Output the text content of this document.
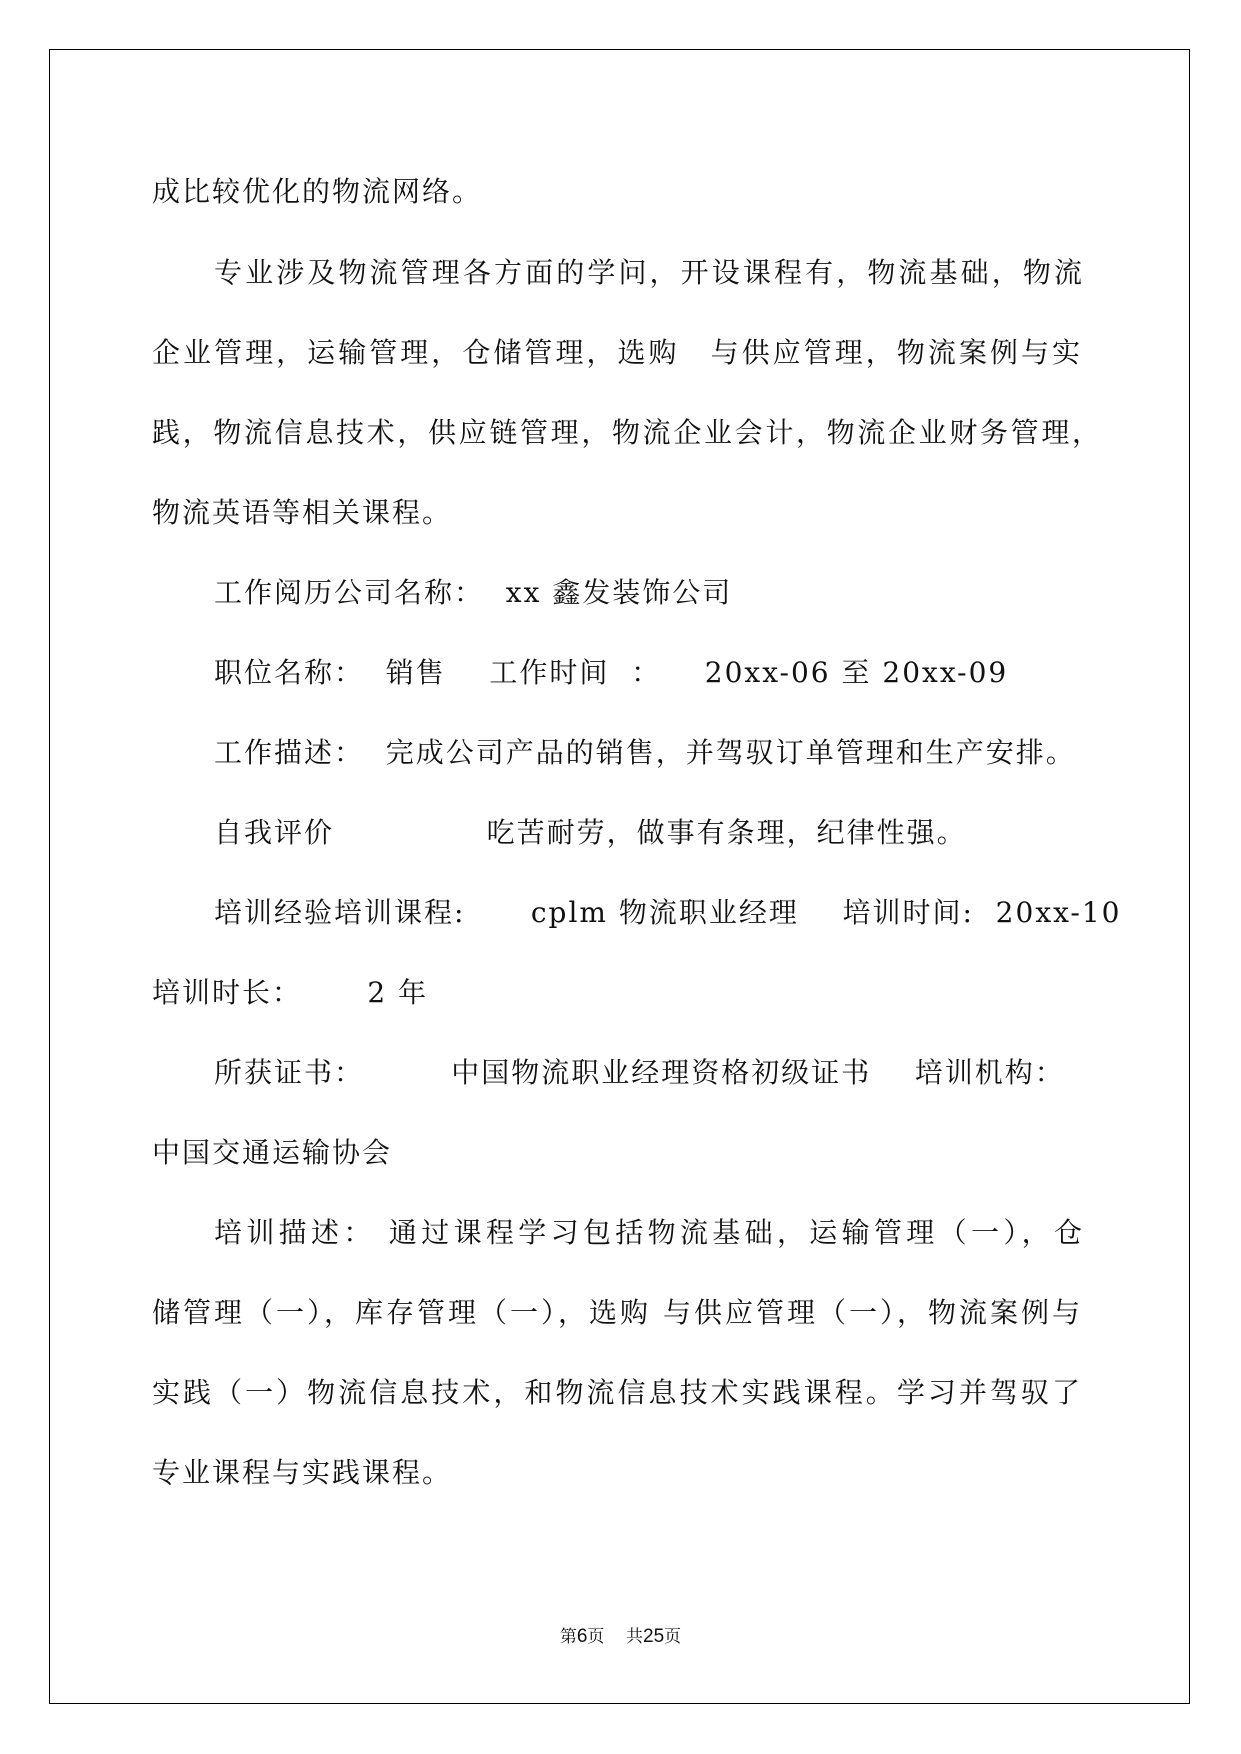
成比较优化的物流网络。
专业涉及物流管理各方面的学问，开设课程有，物流基础，物流
企业管理，运输管理，仓储管理，选购　与供应管理，物流案例与实
践，物流信息技术，供应链管理，物流企业会计，物流企业财务管理，
物流英语等相关课程。
工作阅历公司名称：  xx 鑫发装饰公司
职位名称：  销售    工作时间  ：    20xx-06 至 20xx-09
工作描述：  完成公司产品的销售，并驾驭订单管理和生产安排。
自我评价              吃苦耐劳，做事有条理，纪律性强。
培训经验培训课程:      cplm 物流职业经理    培训时间:  20xx-10
培训时长：      2 年
所获证书：        中国物流职业经理资格初级证书    培训机构：
中国交通运输协会
培训描述： 通过课程学习包括物流基础，运输管理（一），仓
储管理（一），库存管理（一），选购 与供应管理（一），物流案例与
实践（一）物流信息技术，和物流信息技术实践课程。学习并驾驭了
专业课程与实践课程。
第6页 共25页
